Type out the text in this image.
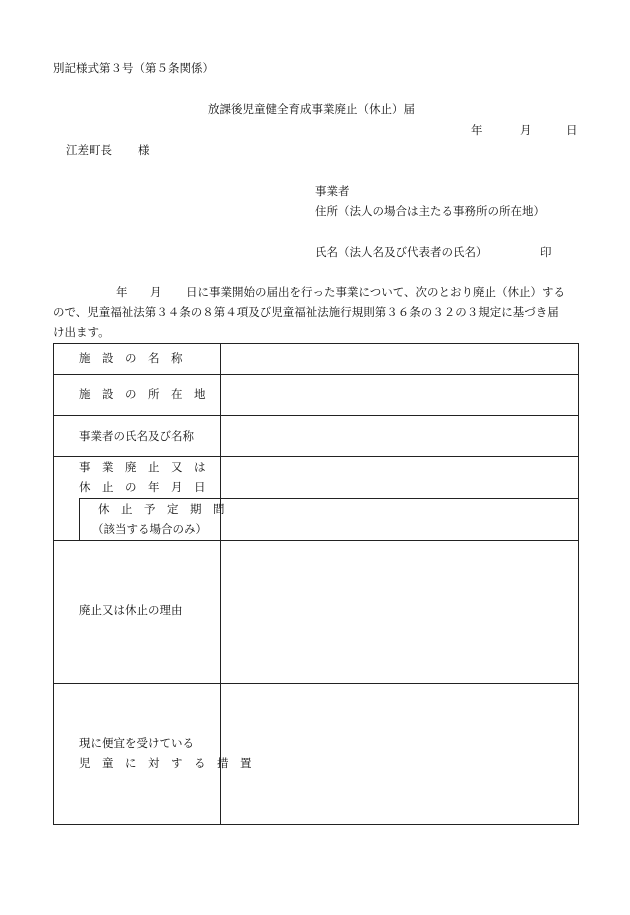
別記様式第３号（第５条関係）
放課後児童健全育成事業廃止（休止）届
年	月	日
江差町長 様
事業者
住所（法人の場合は主たる事務所の所在地）
氏名（法人名及び代表者の氏名）	印
年 月 日に事業開始の届出を行った事業について、次のとおり廃止（休止）する
ので、児童福祉法第３４条の８第４項及び児童福祉法施行規則第３６条の３２の３規定に基づき届
け出ます。
施　設　の　名　称
施　設　の　所　在　地
事業者の氏名及び名称
事　業　廃　止　又　は
休　止　の　年　月　日
休　止　予　定　期　間
（該当する場合のみ）
廃止又は休止の理由
現に便宜を受けている
児　童　に　対　す　る　措　置
